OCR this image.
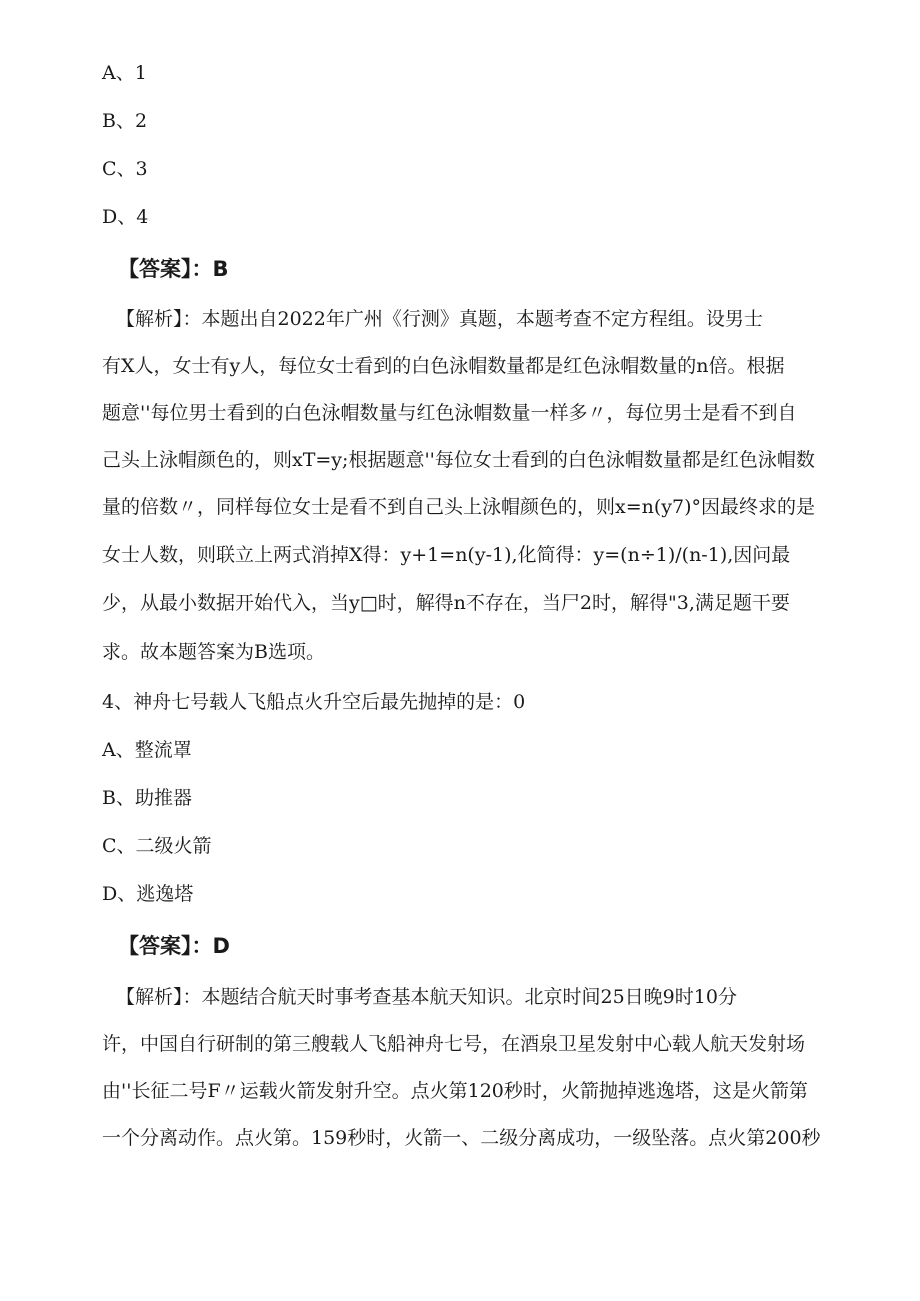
A、1
B、2
C、3
D、4
【答案】：B
【解析】：本题出自2022年广州《行测》真题，本题考查不定方程组。设男士
有X人，女士有y人，每位女士看到的白色泳帽数量都是红色泳帽数量的n倍。根据
题意''每位男士看到的白色泳帽数量与红色泳帽数量一样多〃，每位男士是看不到自
己头上泳帽颜色的，则xT=y;根据题意''每位女士看到的白色泳帽数量都是红色泳帽数
量的倍数〃，同样每位女士是看不到自己头上泳帽颜色的，则x=n(y7)°因最终求的是
女士人数，则联立上两式消掉X得：y+1=n(y-1),化简得：y=(n÷1)/(n-1),因问最
少，从最小数据开始代入，当y□时，解得n不存在，当尸2时，解得"3,满足题干要
求。故本题答案为B选项。
4、神舟七号载人飞船点火升空后最先抛掉的是：0
A、整流罩
B、助推器
C、二级火箭
D、逃逸塔
【答案】：D
【解析】：本题结合航天时事考查基本航天知识。北京时间25日晚9时10分
许，中国自行研制的第三艘载人飞船神舟七号，在酒泉卫星发射中心载人航天发射场
由''长征二号F〃运载火箭发射升空。点火第120秒时，火箭抛掉逃逸塔，这是火箭第
一个分离动作。点火第。159秒时，火箭一、二级分离成功，一级坠落。点火第200秒
